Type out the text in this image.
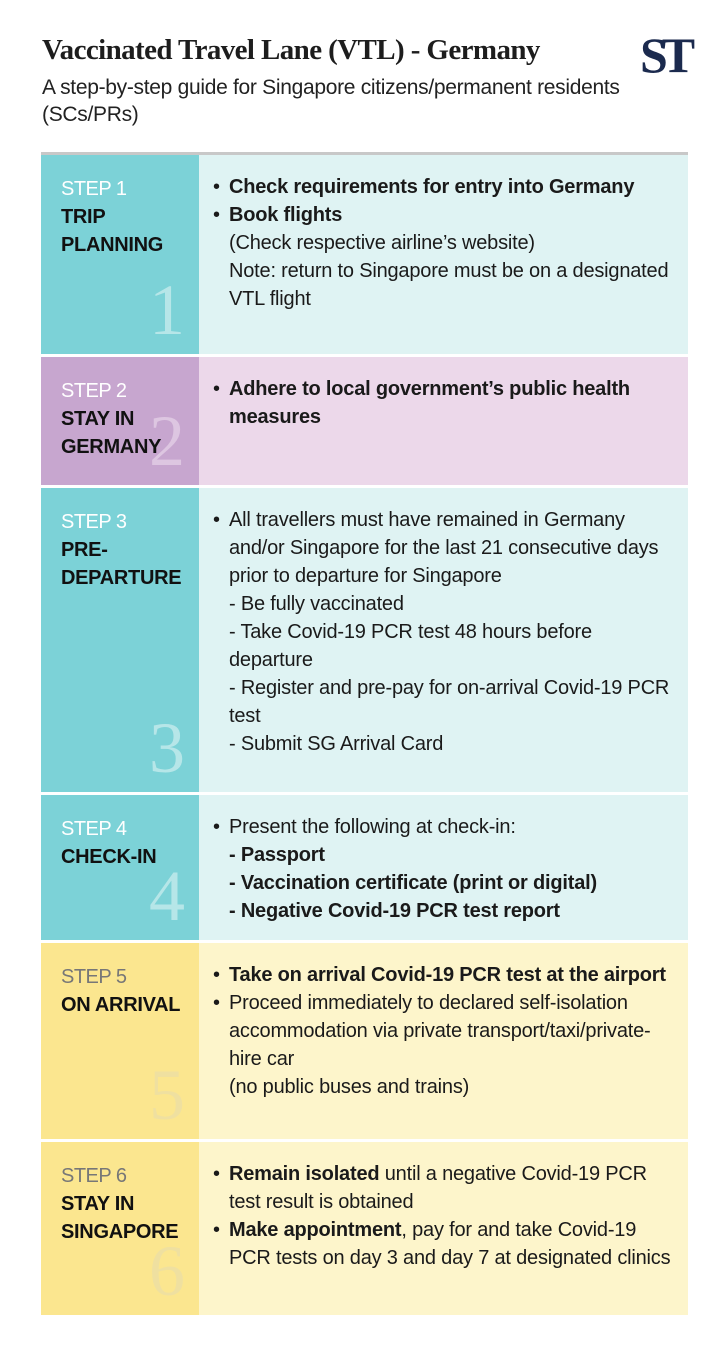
Vaccinated Travel Lane (VTL) - Germany ST
A step-by-step guide for Singapore citizens/permanent residents (SCs/PRs)
STEP 1
TRIP
PLANNING
1
• Check requirements for entry into Germany
• Book flights
(Check respective airline’s website)
Note: return to Singapore must be on a designated VTL flight
STEP 2
STAY IN
GERMANY
2
• Adhere to local government’s public health measures
STEP 3
PRE-
DEPARTURE
3
• All travellers must have remained in Germany and/or Singapore for the last 21 consecutive days prior to departure for Singapore
- Be fully vaccinated
- Take Covid-19 PCR test 48 hours before departure
- Register and pre-pay for on-arrival Covid-19 PCR test
- Submit SG Arrival Card
STEP 4
CHECK-IN
4
• Present the following at check-in:
- Passport
- Vaccination certificate (print or digital)
- Negative Covid-19 PCR test report
STEP 5
ON ARRIVAL
5
• Take on arrival Covid-19 PCR test at the airport
• Proceed immediately to declared self-isolation accommodation via private transport/taxi/private-hire car
(no public buses and trains)
STEP 6
STAY IN
SINGAPORE
6
• Remain isolated until a negative Covid-19 PCR test result is obtained
• Make appointment, pay for and take Covid-19 PCR tests on day 3 and day 7 at designated clinics
